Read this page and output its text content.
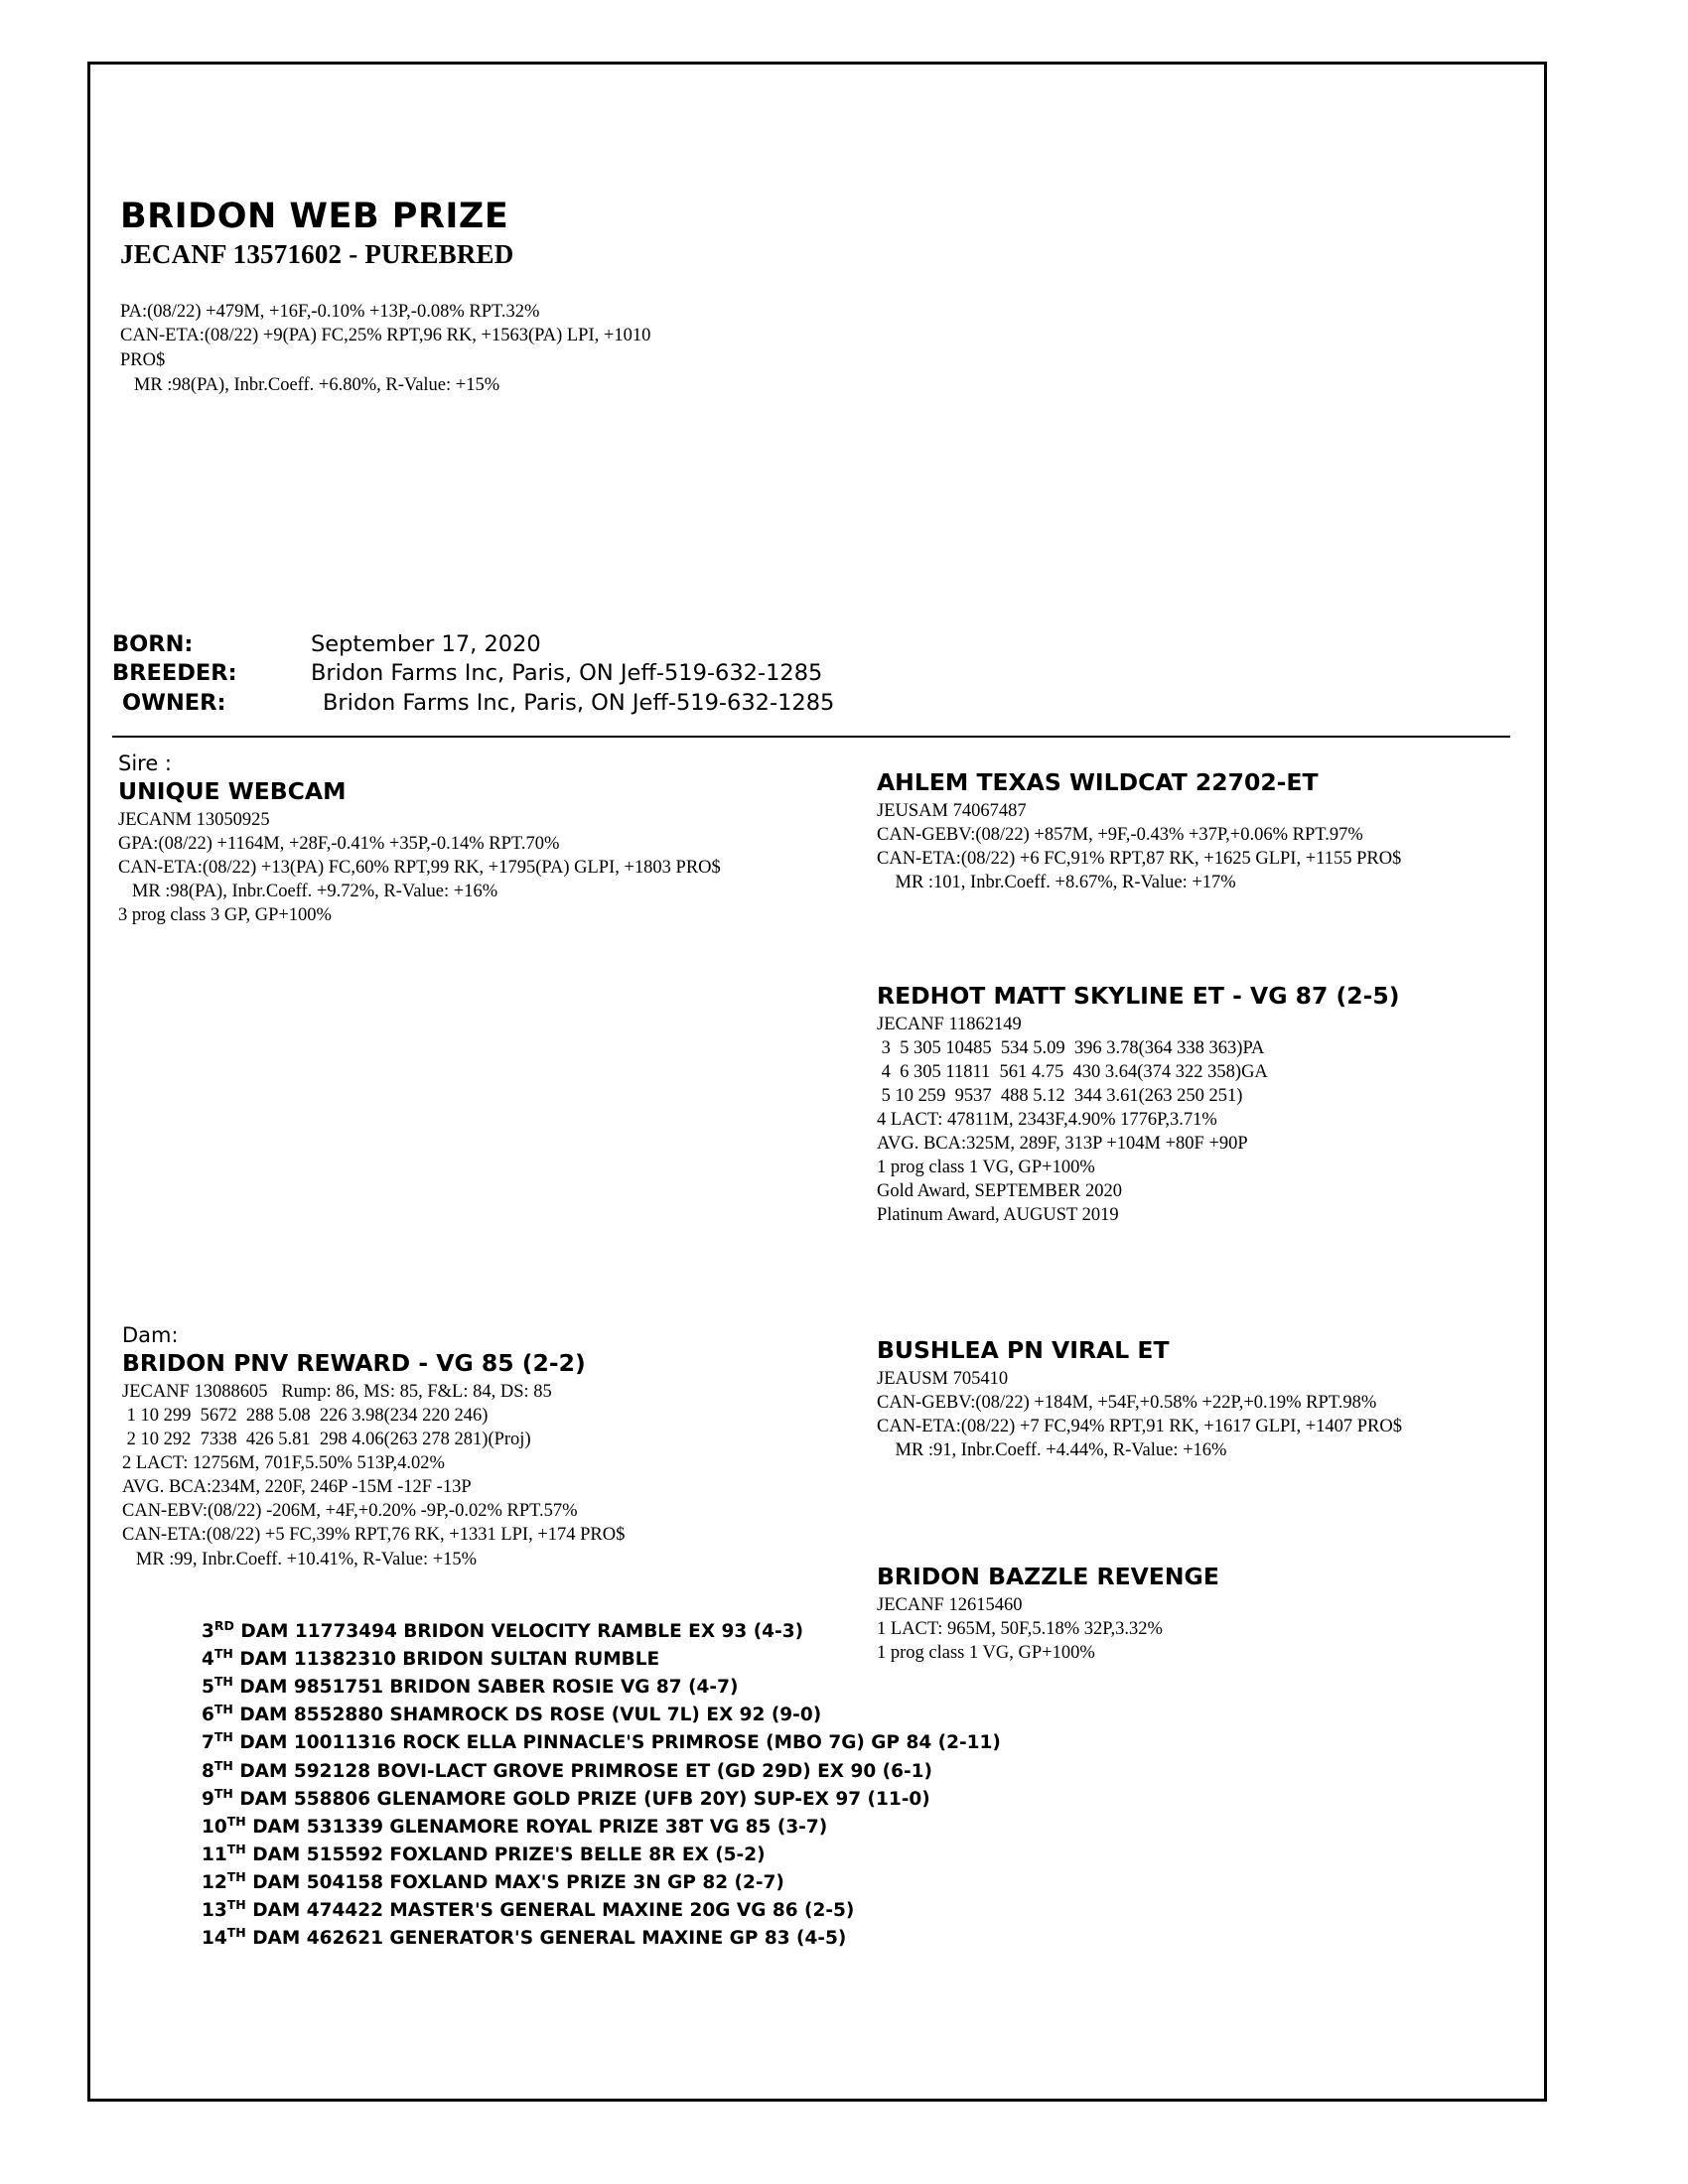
BRIDON WEB PRIZE
JECANF 13571602 - PUREBRED
PA:(08/22) +479M, +16F,-0.10% +13P,-0.08% RPT.32%
CAN-ETA:(08/22) +9(PA) FC,25% RPT,96 RK, +1563(PA) LPI, +1010
PRO$
MR :98(PA), Inbr.Coeff. +6.80%, R-Value: +15%
BORN:	September 17, 2020
BREEDER:	Bridon Farms Inc, Paris, ON Jeff-519-632-1285
OWNER:	Bridon Farms Inc, Paris, ON Jeff-519-632-1285
Sire :
UNIQUE WEBCAM
JECANM 13050925
GPA:(08/22) +1164M, +28F,-0.41% +35P,-0.14% RPT.70%
CAN-ETA:(08/22) +13(PA) FC,60% RPT,99 RK, +1795(PA) GLPI, +1803 PRO$
MR :98(PA), Inbr.Coeff. +9.72%, R-Value: +16%
3 prog class 3 GP, GP+100%
AHLEM TEXAS WILDCAT 22702-ET
JEUSAM 74067487
CAN-GEBV:(08/22) +857M, +9F,-0.43% +37P,+0.06% RPT.97%
CAN-ETA:(08/22) +6 FC,91% RPT,87 RK, +1625 GLPI, +1155 PRO$
MR :101, Inbr.Coeff. +8.67%, R-Value: +17%
REDHOT MATT SKYLINE ET - VG 87 (2-5)
JECANF 11862149
3  5 305 10485  534 5.09  396 3.78(364 338 363)PA
4  6 305 11811  561 4.75  430 3.64(374 322 358)GA
5 10 259  9537  488 5.12  344 3.61(263 250 251)
4 LACT: 47811M, 2343F,4.90% 1776P,3.71%
AVG. BCA:325M, 289F, 313P +104M +80F +90P
1 prog class 1 VG, GP+100%
Gold Award, SEPTEMBER 2020
Platinum Award, AUGUST 2019
Dam:
BRIDON PNV REWARD - VG 85 (2-2)
JECANF 13088605   Rump: 86, MS: 85, F&L: 84, DS: 85
1 10 299  5672  288 5.08  226 3.98(234 220 246)
2 10 292  7338  426 5.81  298 4.06(263 278 281)(Proj)
2 LACT: 12756M, 701F,5.50% 513P,4.02%
AVG. BCA:234M, 220F, 246P -15M -12F -13P
CAN-EBV:(08/22) -206M, +4F,+0.20% -9P,-0.02% RPT.57%
CAN-ETA:(08/22) +5 FC,39% RPT,76 RK, +1331 LPI, +174 PRO$
MR :99, Inbr.Coeff. +10.41%, R-Value: +15%
BUSHLEA PN VIRAL ET
JEAUSM 705410
CAN-GEBV:(08/22) +184M, +54F,+0.58% +22P,+0.19% RPT.98%
CAN-ETA:(08/22) +7 FC,94% RPT,91 RK, +1617 GLPI, +1407 PRO$
MR :91, Inbr.Coeff. +4.44%, R-Value: +16%
BRIDON BAZZLE REVENGE
JECANF 12615460
1 LACT: 965M, 50F,5.18% 32P,3.32%
1 prog class 1 VG, GP+100%
3RD DAM 11773494 BRIDON VELOCITY RAMBLE EX 93 (4-3)
4TH DAM 11382310 BRIDON SULTAN RUMBLE
5TH DAM 9851751 BRIDON SABER ROSIE VG 87 (4-7)
6TH DAM 8552880 SHAMROCK DS ROSE (VUL 7L) EX 92 (9-0)
7TH DAM 10011316 ROCK ELLA PINNACLE'S PRIMROSE (MBO 7G) GP 84 (2-11)
8TH DAM 592128 BOVI-LACT GROVE PRIMROSE ET (GD 29D) EX 90 (6-1)
9TH DAM 558806 GLENAMORE GOLD PRIZE (UFB 20Y) SUP-EX 97 (11-0)
10TH DAM 531339 GLENAMORE ROYAL PRIZE 38T VG 85 (3-7)
11TH DAM 515592 FOXLAND PRIZE'S BELLE 8R EX (5-2)
12TH DAM 504158 FOXLAND MAX'S PRIZE 3N GP 82 (2-7)
13TH DAM 474422 MASTER'S GENERAL MAXINE 20G VG 86 (2-5)
14TH DAM 462621 GENERATOR'S GENERAL MAXINE GP 83 (4-5)
